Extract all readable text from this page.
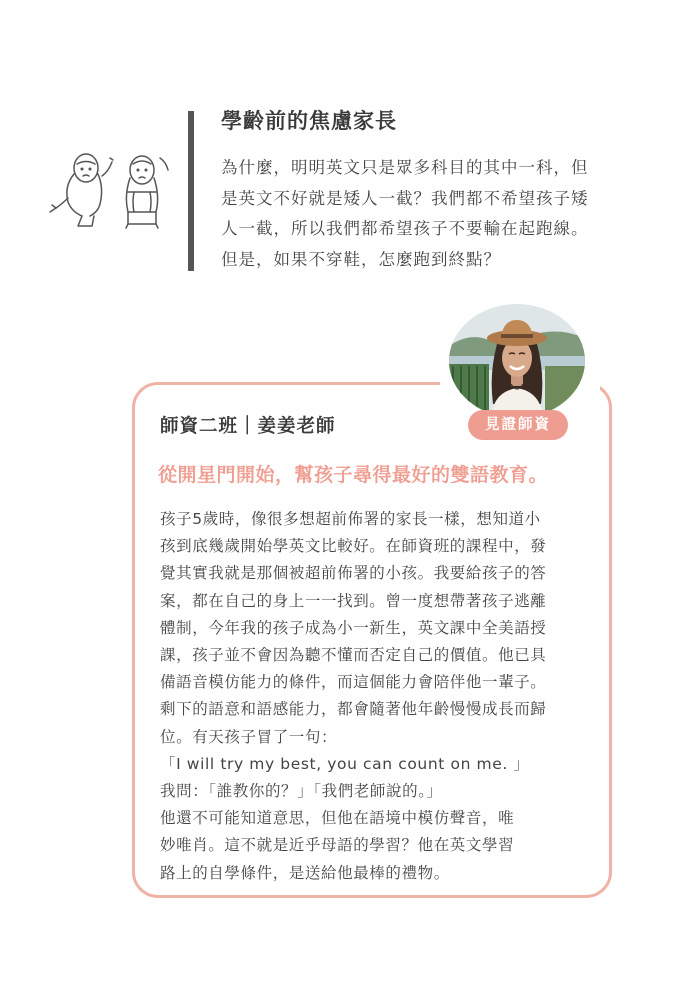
學齡前的焦慮家長
為什麼，明明英文只是眾多科目的其中一科，但
是英文不好就是矮人一截？我們都不希望孩子矮
人一截，所以我們都希望孩子不要輸在起跑線。
但是，如果不穿鞋，怎麼跑到終點？
見證師資
師資二班｜姜姜老師

從開星門開始，幫孩子尋得最好的雙語教育。

孩子5歲時，像很多想超前佈署的家長一樣，想知道小
孩到底幾歲開始學英文比較好。在師資班的課程中，發
覺其實我就是那個被超前佈署的小孩。我要給孩子的答
案，都在自己的身上一一找到。曾一度想帶著孩子逃離
體制，今年我的孩子成為小一新生，英文課中全美語授
課，孩子並不會因為聽不懂而否定自己的價值。他已具
備語音模仿能力的條件，而這個能力會陪伴他一輩子。
剩下的語意和語感能力，都會隨著他年齡慢慢成長而歸
位。有天孩子冒了一句：
「I will try my best, you can count on me. 」
我問：「誰教你的？」「我們老師說的。」
他還不可能知道意思，但他在語境中模仿聲音，唯
妙唯肖。這不就是近乎母語的學習？他在英文學習
路上的自學條件，是送給他最棒的禮物。
